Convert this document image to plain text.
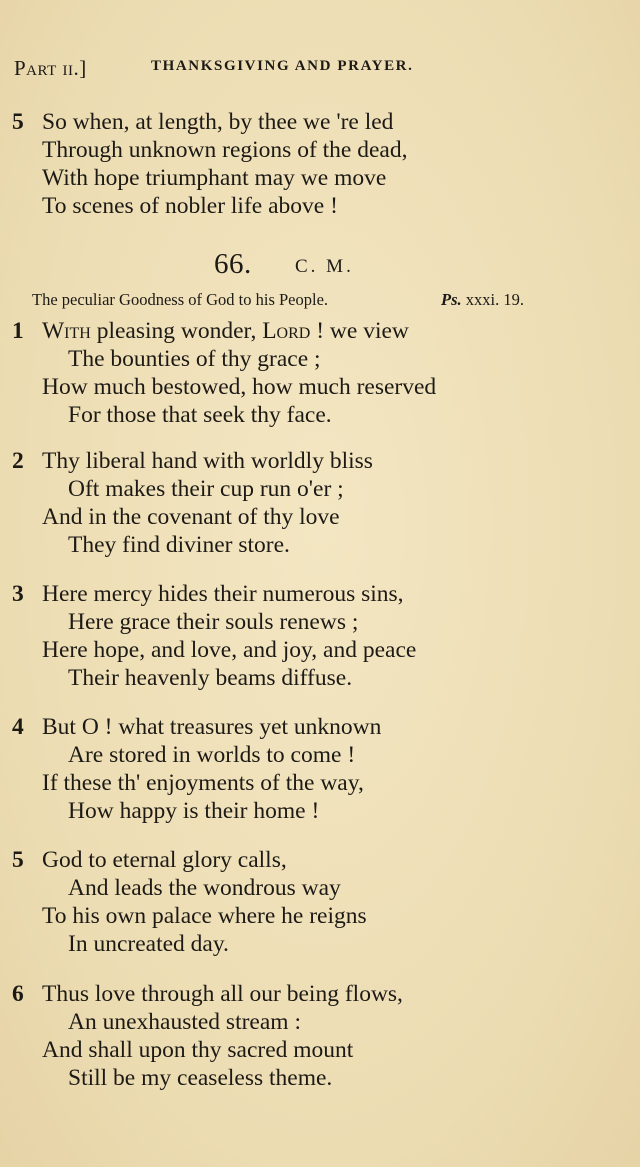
Part ii.]	THANKSGIVING AND PRAYER.
5 So when, at length, by thee we 're led
Through unknown regions of the dead,
With hope triumphant may we move
To scenes of nobler life above !
66. C. M.
The peculiar Goodness of God to his People.	Ps. xxxi. 19.
1 With pleasing wonder, Lord ! we view
The bounties of thy grace ;
How much bestowed, how much reserved
For those that seek thy face.
2 Thy liberal hand with worldly bliss
Oft makes their cup run o'er ;
And in the covenant of thy love
They find diviner store.
3 Here mercy hides their numerous sins,
Here grace their souls renews ;
Here hope, and love, and joy, and peace
Their heavenly beams diffuse.
4 But O ! what treasures yet unknown
Are stored in worlds to come !
If these th' enjoyments of the way,
How happy is their home !
5 God to eternal glory calls,
And leads the wondrous way
To his own palace where he reigns
In uncreated day.
6 Thus love through all our being flows,
An unexhausted stream :
And shall upon thy sacred mount
Still be my ceaseless theme.
